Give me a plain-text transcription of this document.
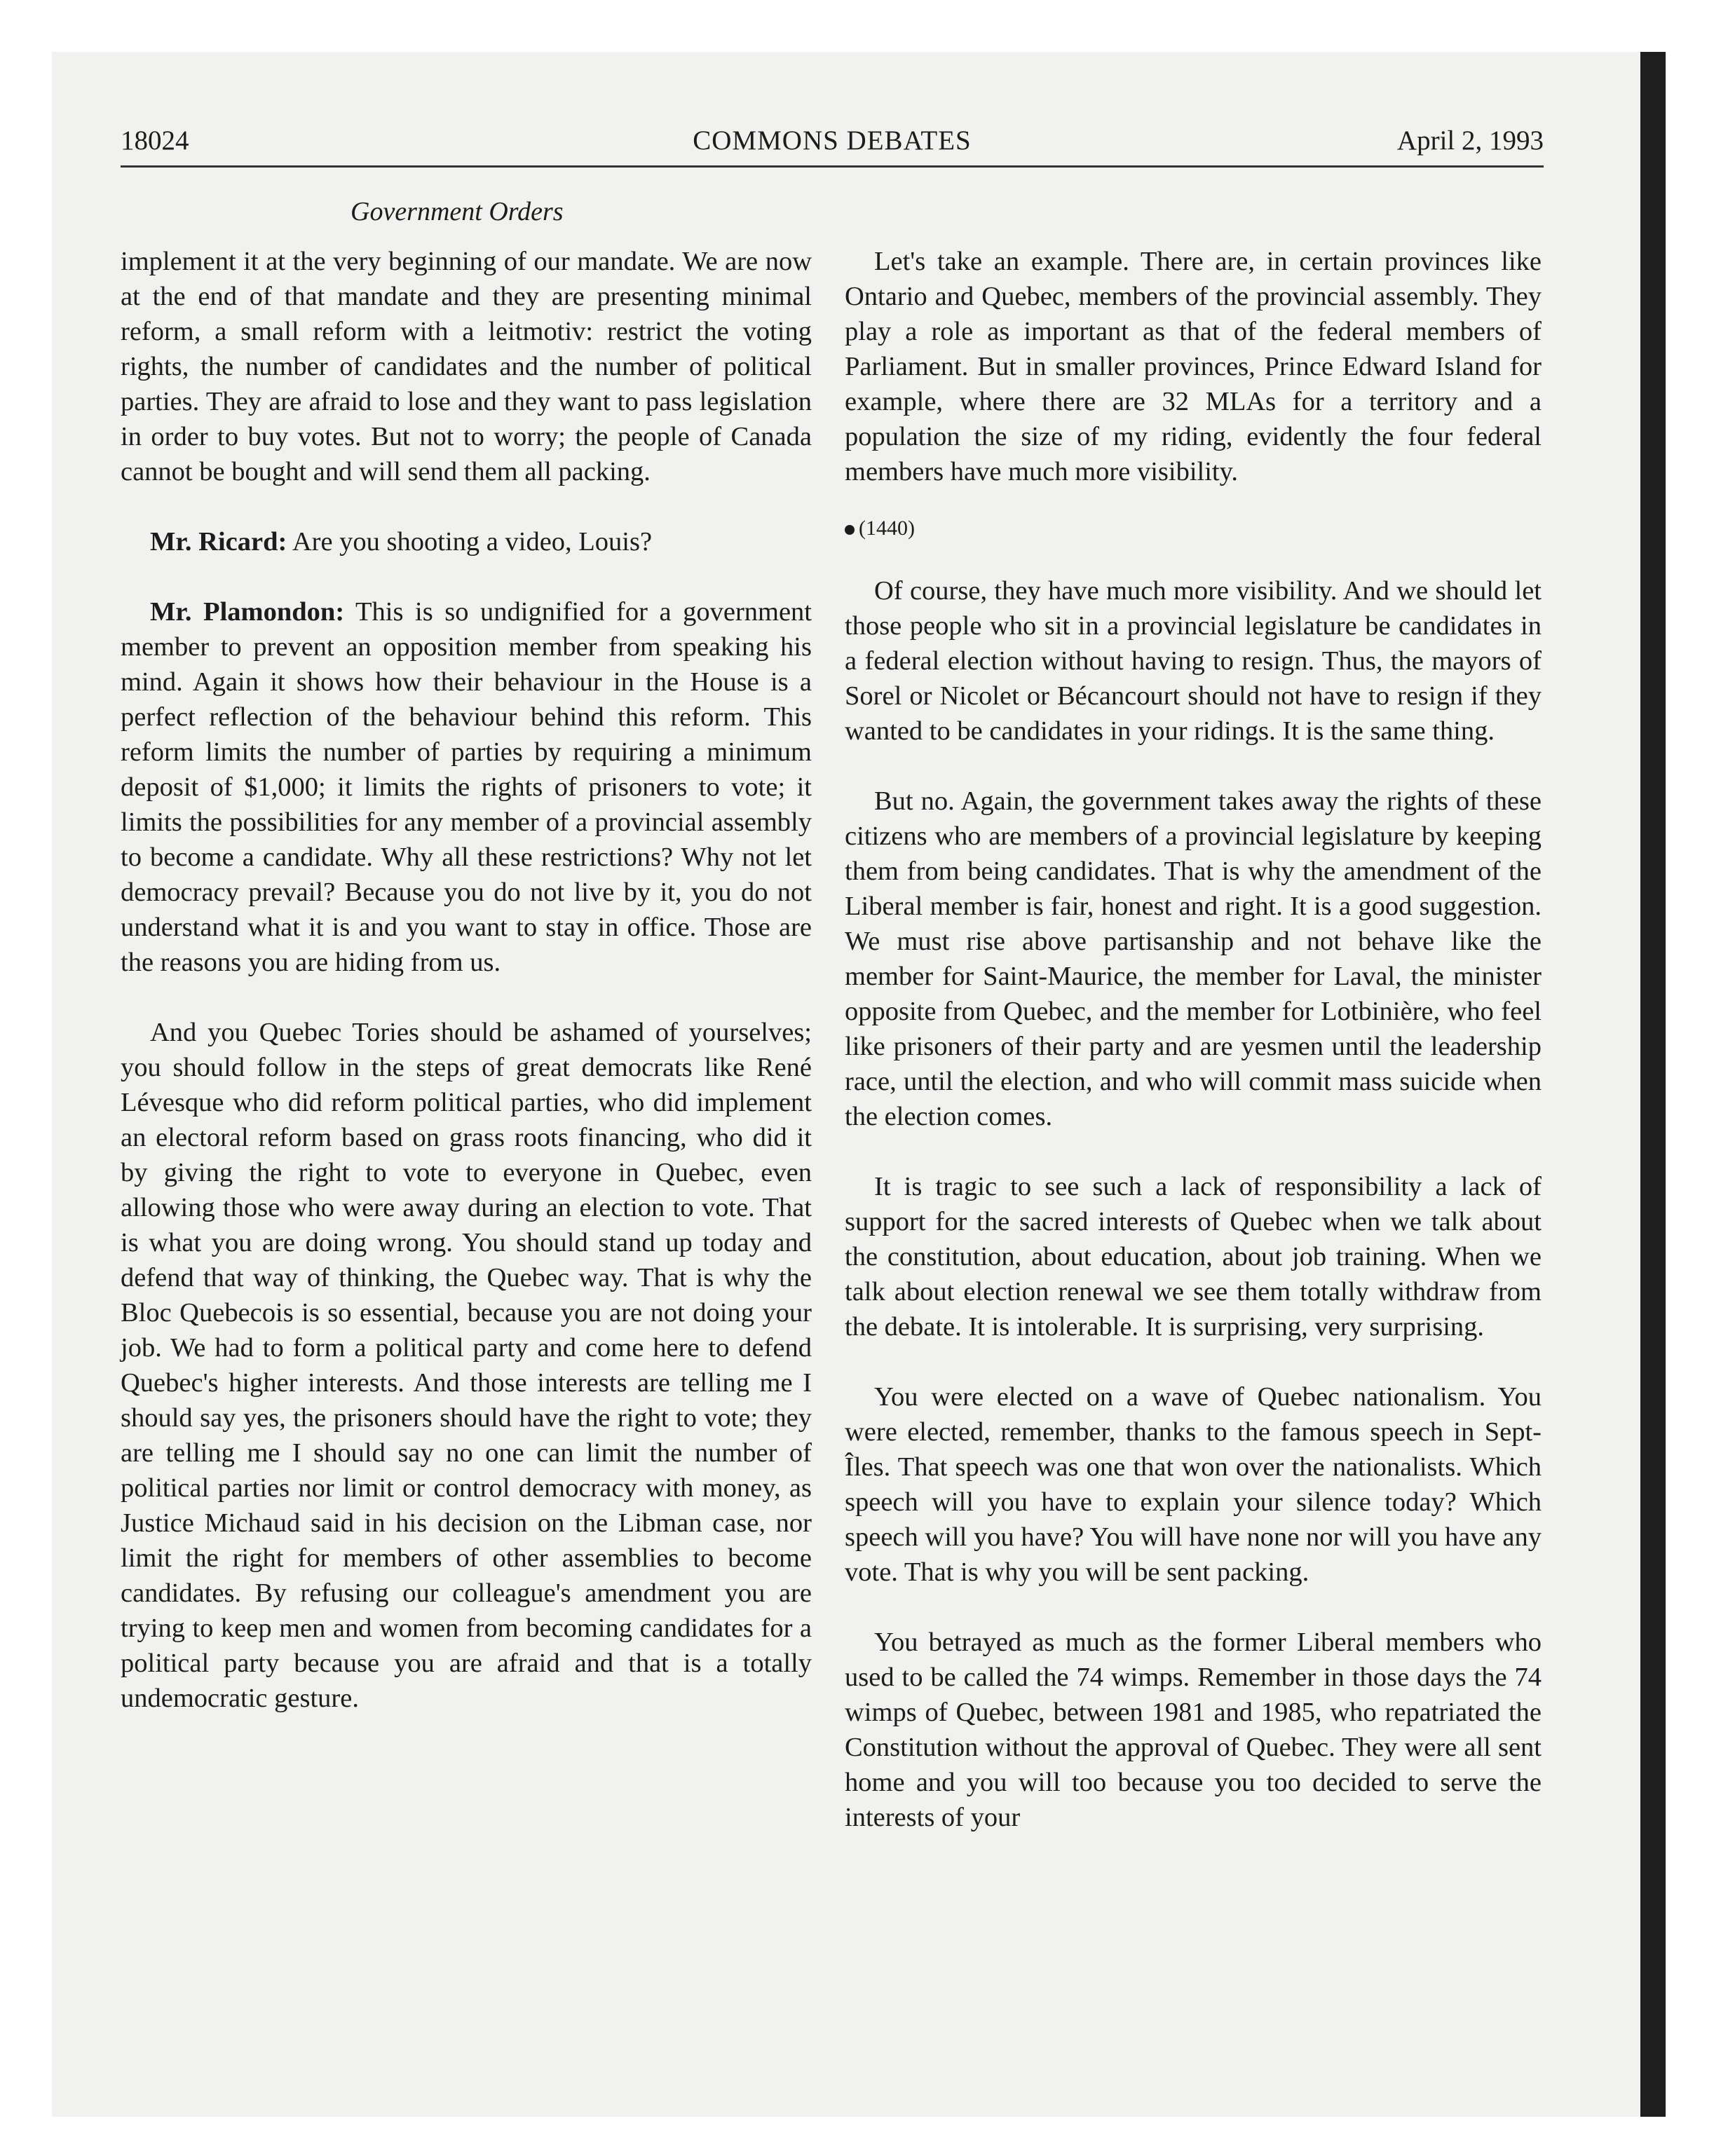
18024	COMMONS DEBATES	April 2, 1993
Government Orders

implement it at the very beginning of our mandate. We are now at the end of that mandate and they are presenting minimal reform, a small reform with a leitmotiv: restrict the voting rights, the number of candidates and the number of political parties. They are afraid to lose and they want to pass legislation in order to buy votes. But not to worry; the people of Canada cannot be bought and will send them all packing.

Mr. Ricard: Are you shooting a video, Louis?

Mr. Plamondon: This is so undignified for a government member to prevent an opposition member from speaking his mind. Again it shows how their behaviour in the House is a perfect reflection of the behaviour behind this reform. This reform limits the number of parties by requiring a minimum deposit of $1,000; it limits the rights of prisoners to vote; it limits the possibilities for any member of a provincial assembly to become a candidate. Why all these restrictions? Why not let democracy prevail? Because you do not live by it, you do not understand what it is and you want to stay in office. Those are the reasons you are hiding from us.

And you Quebec Tories should be ashamed of yourselves; you should follow in the steps of great democrats like René Lévesque who did reform political parties, who did implement an electoral reform based on grass roots financing, who did it by giving the right to vote to everyone in Quebec, even allowing those who were away during an election to vote. That is what you are doing wrong. You should stand up today and defend that way of thinking, the Quebec way. That is why the Bloc Quebecois is so essential, because you are not doing your job. We had to form a political party and come here to defend Quebec's higher interests. And those interests are telling me I should say yes, the prisoners should have the right to vote; they are telling me I should say no one can limit the number of political parties nor limit or control democracy with money, as Justice Michaud said in his decision on the Libman case, nor limit the right for members of other assemblies to become candidates. By refusing our colleague's amendment you are trying to keep men and women from becoming candidates for a political party because you are afraid and that is a totally undemocratic gesture.

Let's take an example. There are, in certain provinces like Ontario and Quebec, members of the provincial assembly. They play a role as important as that of the federal members of Parliament. But in smaller provinces, Prince Edward Island for example, where there are 32 MLAs for a territory and a population the size of my riding, evidently the four federal members have much more visibility.

(1440)

Of course, they have much more visibility. And we should let those people who sit in a provincial legislature be candidates in a federal election without having to resign. Thus, the mayors of Sorel or Nicolet or Bécancourt should not have to resign if they wanted to be candidates in your ridings. It is the same thing.

But no. Again, the government takes away the rights of these citizens who are members of a provincial legislature by keeping them from being candidates. That is why the amendment of the Liberal member is fair, honest and right. It is a good suggestion. We must rise above partisanship and not behave like the member for Saint-Maurice, the member for Laval, the minister opposite from Quebec, and the member for Lotbinière, who feel like prisoners of their party and are yesmen until the leadership race, until the election, and who will commit mass suicide when the election comes.

It is tragic to see such a lack of responsibility a lack of support for the sacred interests of Quebec when we talk about the constitution, about education, about job training. When we talk about election renewal we see them totally withdraw from the debate. It is intolerable. It is surprising, very surprising.

You were elected on a wave of Quebec nationalism. You were elected, remember, thanks to the famous speech in Sept-Îles. That speech was one that won over the nationalists. Which speech will you have to explain your silence today? Which speech will you have? You will have none nor will you have any vote. That is why you will be sent packing.

You betrayed as much as the former Liberal members who used to be called the 74 wimps. Remember in those days the 74 wimps of Quebec, between 1981 and 1985, who repatriated the Constitution without the approval of Quebec. They were all sent home and you will too because you too decided to serve the interests of your
